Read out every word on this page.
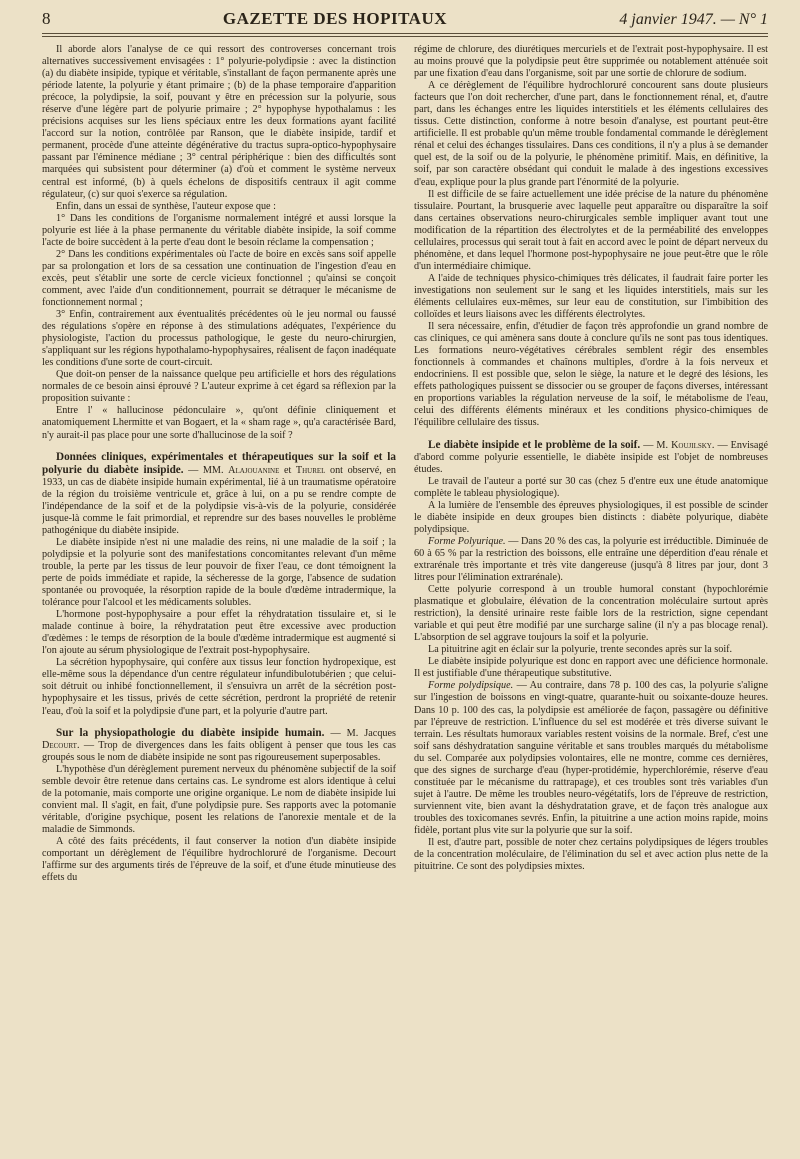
8	GAZETTE DES HOPITAUX	4 janvier 1947. — N° 1

Il aborde alors l'analyse de ce qui ressort des controverses concernant trois alternatives successivement envisagées : 1° polyurie-polydipsie : avec la distinction (a) du diabète insipide, typique et véritable, s'installant de façon permanente après une période latente, la polyurie y étant primaire ; (b) de la phase temporaire d'apparition précoce, la polydipsie, la soif, pouvant y être en précession sur la polyurie, sous réserve d'une légère part de polyurie primaire ; 2° hypophyse hypothalamus : les précisions acquises sur les liens spéciaux entre les deux formations ayant facilité l'accord sur la notion, contrôlée par Ranson, que le diabète insipide, tardif et permanent, procède d'une atteinte dégénérative du tractus supra-optico-hypophysaire passant par l'éminence médiane ; 3° central périphérique : bien des difficultés sont marquées qui subsistent pour déterminer (a) d'où et comment le système nerveux central est informé, (b) à quels échelons de dispositifs centraux il agit comme régulateur, (c) sur quoi s'exerce sa régulation.

Enfin, dans un essai de synthèse, l'auteur expose que :

1° Dans les conditions de l'organisme normalement intégré et aussi lorsque la polyurie est liée à la phase permanente du véritable diabète insipide, la soif comme l'acte de boire succèdent à la perte d'eau dont le besoin réclame la compensation ;

2° Dans les conditions expérimentales où l'acte de boire en excès sans soif appelle par sa prolongation et lors de sa cessation une continuation de l'ingestion d'eau en excès, peut s'établir une sorte de cercle vicieux fonctionnel ; qu'ainsi se conçoit comment, avec l'aide d'un conditionnement, pourrait se détraquer le mécanisme de fonctionnement normal ;

3° Enfin, contrairement aux éventualités précédentes où le jeu normal ou faussé des régulations s'opère en réponse à des stimulations adéquates, l'expérience du physiologiste, l'action du processus pathologique, le geste du neuro-chirurgien, s'appliquant sur les régions hypothalamo-hypophysaires, réalisent de façon inadéquate les conditions d'une sorte de court-circuit.

Que doit-on penser de la naissance quelque peu artificielle et hors des régulations normales de ce besoin ainsi éprouvé ? L'auteur exprime à cet égard sa réflexion par la proposition suivante :

Entre l' « hallucinose pédonculaire », qu'ont définie cliniquement et anatomiquement Lhermitte et van Bogaert, et la « sham rage », qu'a caractérisée Bard, n'y aurait-il pas place pour une sorte d'hallucinose de la soif ?

Données cliniques, expérimentales et thérapeutiques sur la soif et la polyurie du diabète insipide. — MM. Alajouanine et Thurel ont observé, en 1933, un cas de diabète insipide humain expérimental, lié à un traumatisme opératoire de la région du troisième ventricule et, grâce à lui, on a pu se rendre compte de l'indépendance de la soif et de la polydipsie vis-à-vis de la polyurie, considérée jusque-là comme le fait primordial, et reprendre sur des bases nouvelles le problème pathogénique du diabète insipide.

Le diabète insipide n'est ni une maladie des reins, ni une maladie de la soif ; la polydipsie et la polyurie sont des manifestations concomitantes relevant d'un même trouble, la perte par les tissus de leur pouvoir de fixer l'eau, ce dont témoignent la perte de poids immédiate et rapide, la sécheresse de la gorge, l'absence de sudation spontanée ou provoquée, la résorption rapide de la boule d'œdème intradermique, la tolérance pour l'alcool et les médicaments solubles.

L'hormone post-hypophysaire a pour effet la réhydratation tissulaire et, si le malade continue à boire, la réhydratation peut être excessive avec production d'œdèmes : le temps de résorption de la boule d'œdème intradermique est augmenté si l'on ajoute au sérum physiologique de l'extrait post-hypophysaire.

La sécrétion hypophysaire, qui confère aux tissus leur fonction hydropexique, est elle-même sous la dépendance d'un centre régulateur infundibulotubérien ; que celui-soit détruit ou inhibé fonctionnellement, il s'ensuivra un arrêt de la sécrétion post-hypophysaire et les tissus, privés de cette sécrétion, perdront la propriété de retenir l'eau, d'où la soif et la polydipsie d'une part, et la polyurie d'autre part.

Sur la physiopathologie du diabète insipide humain. — M. Jacques Decourt. — Trop de divergences dans les faits obligent à penser que tous les cas groupés sous le nom de diabète insipide ne sont pas rigoureusement superposables.

L'hypothèse d'un dérèglement purement nerveux du phénomène subjectif de la soif semble devoir être retenue dans certains cas. Le syndrome est alors identique à celui de la potomanie, mais comporte une origine organique. Le nom de diabète insipide lui convient mal. Il s'agit, en fait, d'une polydipsie pure. Ses rapports avec la potomanie véritable, d'origine psychique, posent les relations de l'anorexie mentale et de la maladie de Simmonds.

A côté des faits précédents, il faut conserver la notion d'un diabète insipide comportant un dérèglement de l'équilibre hydrochloruré de l'organisme. Decourt l'affirme sur des arguments tirés de l'épreuve de la soif, et d'une étude minutieuse des effets du

régime de chlorure, des diurétiques mercuriels et de l'extrait post-hypophysaire. Il est au moins prouvé que la polydipsie peut être supprimée ou notablement atténuée soit par une fixation d'eau dans l'organisme, soit par une sortie de chlorure de sodium.

A ce dérèglement de l'équilibre hydrochloruré concourent sans doute plusieurs facteurs que l'on doit rechercher, d'une part, dans le fonctionnement rénal, et, d'autre part, dans les échanges entre les liquides interstitiels et les éléments cellulaires des tissus. Cette distinction, conforme à notre besoin d'analyse, est pourtant peut-être artificielle. Il est probable qu'un même trouble fondamental commande le dérèglement rénal et celui des échanges tissulaires. Dans ces conditions, il n'y a plus à se demander quel est, de la soif ou de la polyurie, le phénomène primitif. Mais, en définitive, la soif, par son caractère obsédant qui conduit le malade à des ingestions excessives d'eau, explique pour la plus grande part l'énormité de la polyurie.

Il est difficile de se faire actuellement une idée précise de la nature du phénomène tissulaire. Pourtant, la brusquerie avec laquelle peut apparaître ou disparaître la soif dans certaines observations neuro-chirurgicales semble impliquer avant tout une modification de la répartition des électrolytes et de la perméabilité des enveloppes cellulaires, processus qui serait tout à fait en accord avec le point de départ nerveux du phénomène, et dans lequel l'hormone post-hypophysaire ne joue peut-être que le rôle d'un intermédiaire chimique.

A l'aide de techniques physico-chimiques très délicates, il faudrait faire porter les investigations non seulement sur le sang et les liquides interstitiels, mais sur les éléments cellulaires eux-mêmes, sur leur eau de constitution, sur l'imbibition des colloïdes et leurs liaisons avec les différents électrolytes.

Il sera nécessaire, enfin, d'étudier de façon très approfondie un grand nombre de cas cliniques, ce qui amènera sans doute à conclure qu'ils ne sont pas tous identiques. Les formations neuro-végétatives cérébrales semblent régir des ensembles fonctionnels à commandes et chaînons multiples, d'ordre à la fois nerveux et endocriniens. Il est possible que, selon le siège, la nature et le degré des lésions, les effets pathologiques puissent se dissocier ou se grouper de façons diverses, intéressant en proportions variables la régulation nerveuse de la soif, le métabolisme de l'eau, celui des différents éléments minéraux et les conditions physico-chimiques de l'équilibre cellulaire des tissus.

Le diabète insipide et le problème de la soif. — M. Koujilsky. — Envisagé d'abord comme polyurie essentielle, le diabète insipide est l'objet de nombreuses études.

Le travail de l'auteur a porté sur 30 cas (chez 5 d'entre eux une étude anatomique complète le tableau physiologique).

A la lumière de l'ensemble des épreuves physiologiques, il est possible de scinder le diabète insipide en deux groupes bien distincts : diabète polyurique, diabète polydipsique.

Forme Polyurique. — Dans 20 % des cas, la polyurie est irréductible. Diminuée de 60 à 65 % par la restriction des boissons, elle entraîne une déperdition d'eau rénale et extrarénale très importante et très vite dangereuse (jusqu'à 8 litres par jour, dont 3 litres pour l'élimination extrarénale).

Cette polyurie correspond à un trouble humoral constant (hypochlorémie plasmatique et globulaire, élévation de la concentration moléculaire surtout après restriction), la densité urinaire reste faible lors de la restriction, signe cependant variable et qui peut être modifié par une surcharge saline (il n'y a pas blocage renal). L'absorption de sel aggrave toujours la soif et la polyurie.

La pituitrine agit en éclair sur la polyurie, trente secondes après sur la soif.

Le diabète insipide polyurique est donc en rapport avec une déficience hormonale. Il est justifiable d'une thérapeutique substitutive.

Forme polydipsique. — Au contraire, dans 78 p. 100 des cas, la polyurie s'aligne sur l'ingestion de boissons en vingt-quatre, quarante-huit ou soixante-douze heures. Dans 10 p. 100 des cas, la polydipsie est améliorée de façon, passagère ou définitive par l'épreuve de restriction. L'influence du sel est modérée et très diverse suivant le terrain. Les résultats humoraux variables restent voisins de la normale. Bref, c'est une soif sans déshydratation sanguine véritable et sans troubles marqués du métabolisme du sel. Comparée aux polydipsies volontaires, elle ne montre, comme ces dernières, que des signes de surcharge d'eau (hyper-protidémie, hyperchlorémie, réserve d'eau constituée par le mécanisme du rattrapage), et ces troubles sont très variables d'un sujet à l'autre. De même les troubles neuro-végétatifs, lors de l'épreuve de restriction, surviennent vite, bien avant la déshydratation grave, et de façon très analogue aux troubles des toxicomanes sevrés. Enfin, la pituitrine a une action moins rapide, moins fidèle, portant plus vite sur la polyurie que sur la soif.

Il est, d'autre part, possible de noter chez certains polydipsiques de légers troubles de la concentration moléculaire, de l'élimination du sel et avec action plus nette de la pituitrine. Ce sont des polydipsies mixtes.
